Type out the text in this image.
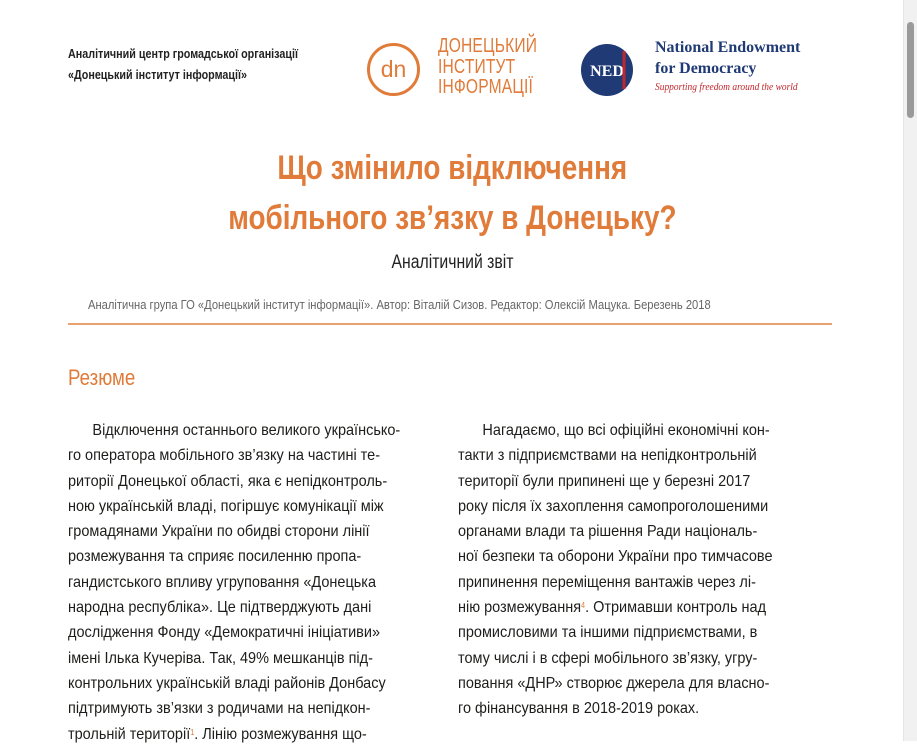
Аналітичний центр громадської організації
«Донецький інститут інформації»	dn
ДОНЕЦЬКИЙ
ІНСТИТУТ
ІНФОРМАЦІЇ
NED
National Endowment
for Democracy
Supporting freedom around the world
Що змінило відключення
мобільного зв’язку в Донецьку?
Аналітичний звіт
Аналітична група ГО «Донецький інститут інформації». Автор: Віталій Сизов. Редактор: Олексій Мацука. Березень 2018
Резюме
Відключення останнього великого українсько-
го оператора мобільного зв’язку на частині те-
риторії Донецької області, яка є непідконтроль-
ною українській владі, погіршує комунікації між
громадянами України по обидві сторони лінії
розмежування та сприяє посиленню пропа-
гандистського впливу угруповання «Донецька
народна республіка». Це підтверджують дані
дослідження Фонду «Демократичні ініціативи»
імені Ілька Кучеріва. Так, 49% мешканців під-
контрольних українській владі районів Донбасу
підтримують зв’язки з родичами на непідкон-
трольній території$^1$. Лінію розмежування що-
Нагадаємо, що всі офіційні економічні кон-
такти з підприємствами на непідконтрольній
території були припинені ще у березні 2017
року після їх захоплення самопроголошеними
органами влади та рішення Ради національ-
ної безпеки та оборони України про тимчасове
припинення переміщення вантажів через лі-
нію розмежування$^4$. Отримавши контроль над
промисловими та іншими підприємствами, в
тому числі і в сфері мобільного зв’язку, угру-
повання «ДНР» створює джерела для власно-
го фінансування в 2018-2019 роках.
